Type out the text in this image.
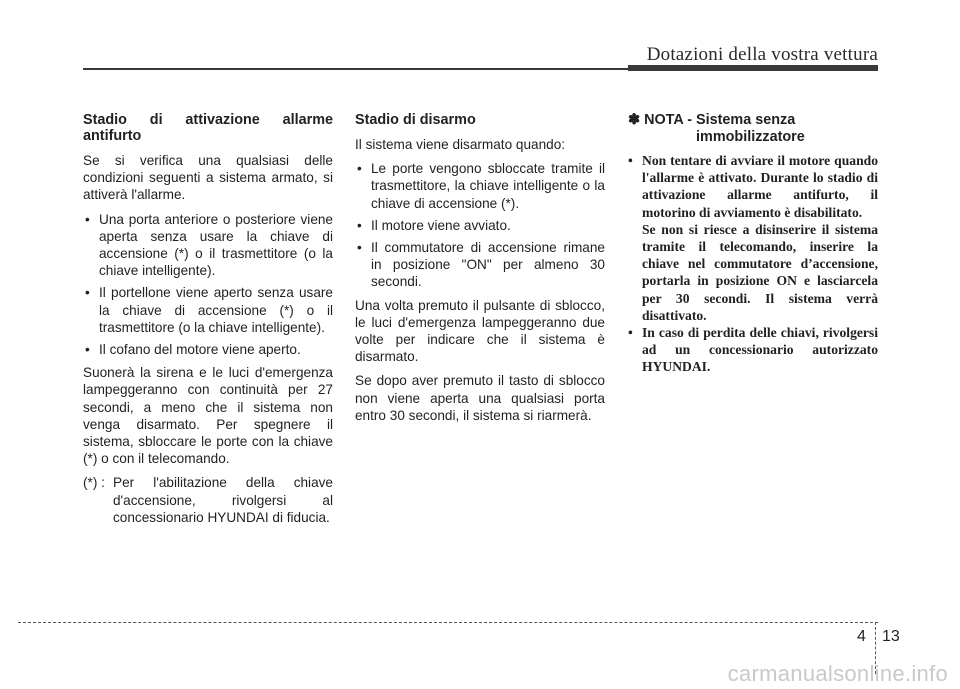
Dotazioni della vostra vettura
Stadio di attivazione allarme antifurto

Se si verifica una qualsiasi delle condizioni seguenti a sistema armato, si attiverà l'allarme.

• Una porta anteriore o posteriore viene aperta senza usare la chiave di accensione (*) o il trasmettitore (o la chiave intelligente).
• Il portellone viene aperto senza usare la chiave di accensione (*) o il trasmettitore (o la chiave intelligente).
• Il cofano del motore viene aperto.

Suonerà la sirena e le luci d'emergenza lampeggeranno con continuità per 27 secondi, a meno che il sistema non venga disarmato. Per spegnere il sistema, sbloccare le porte con la chiave (*) o con il telecomando.

(*) : Per l'abilitazione della chiave d'accensione, rivolgersi al concessionario HYUNDAI di fiducia.
Stadio di disarmo

Il sistema viene disarmato quando:

• Le porte vengono sbloccate tramite il trasmettitore, la chiave intelligente o la chiave di accensione (*).
• Il motore viene avviato.
• Il commutatore di accensione rimane in posizione "ON" per almeno 30 secondi.

Una volta premuto il pulsante di sblocco, le luci d'emergenza lampeggeranno due volte per indicare che il sistema è disarmato.

Se dopo aver premuto il tasto di sblocco non viene aperta una qualsiasi porta entro 30 secondi, il sistema si riarmerà.

✽ NOTA - Sistema senza
immobilizzatore
• Non tentare di avviare il motore quando l'allarme è attivato. Durante lo stadio di attivazione allarme antifurto, il motorino di avviamento è disabilitato.
Se non si riesce a disinserire il sistema tramite il telecomando, inserire la chiave nel commutatore d’accensione, portarla in posizione ON e lasciarcela per 30 secondi. Il sistema verrà disattivato.
• In caso di perdita delle chiavi, rivolgersi ad un concessionario autorizzato HYUNDAI.
4 13
carmanualsonline.info
